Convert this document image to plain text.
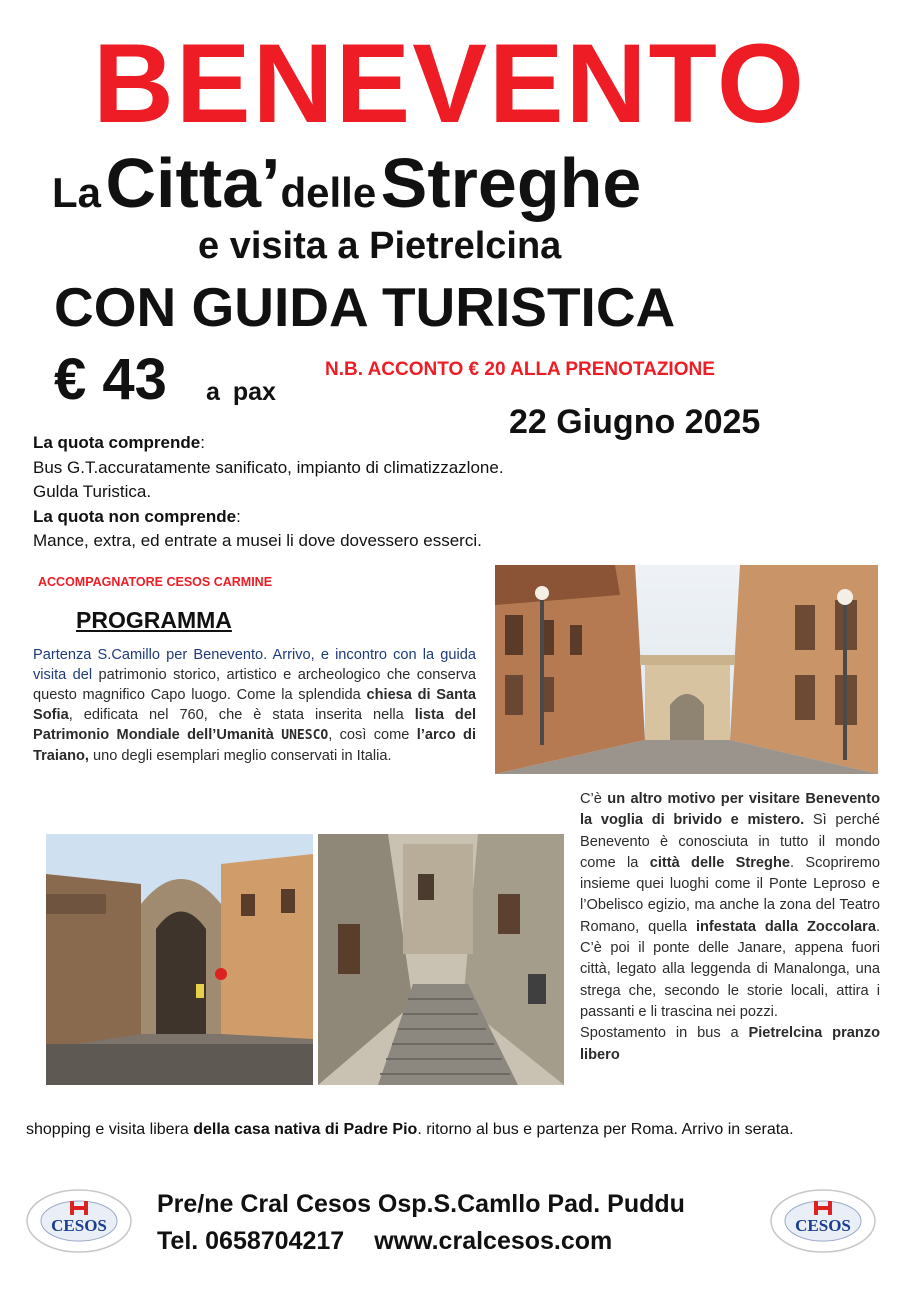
BENEVENTO
La Citta’delle Streghe
e visita a Pietrelcina
CON GUIDA TURISTICA
€ 43 a pax
N.B. ACCONTO € 20 ALLA PRENOTAZIONE
22 Giugno 2025
La quota comprende:
Bus G.T.accuratamente sanificato, impianto di climatizzazlone.
Gulda Turistica.
La quota non comprende:
Mance, extra, ed entrate a musei li dove dovessero esserci.
ACCOMPAGNATORE CESOS CARMINE
PROGRAMMA
Partenza S.Camillo per Benevento. Arrivo, e incontro con la guida visita del patrimonio storico, artistico e archeologico che conserva questo magnifico Capo luogo. Come la splendida chiesa di Santa Sofia, edificata nel 760, che è stata inserita nella lista del Patrimonio Mondiale dell’Umanità UNESCO, così come l’arco di Traiano, uno degli esemplari meglio conservati in Italia.
C’è un altro motivo per visitare Benevento la voglia di brivido e mistero. Sì perché Benevento è conosciuta in tutto il mondo come la città delle Streghe. Scopriremo insieme quei luoghi come il Ponte Leproso e l’Obelisco egizio, ma anche la zona del Teatro Romano, quella infestata dalla Zoccolara. C’è poi il ponte delle Janare, appena fuori città, legato alla leggenda di Manalonga, una strega che, secondo le storie locali, attira i passanti e li trascina nei pozzi.
Spostamento in bus a Pietrelcina pranzo libero
shopping e visita libera della casa nativa di Padre Pio. ritorno al bus e partenza per Roma. Arrivo in serata.
CESOS	CESOS
Pre/ne Cral Cesos Osp.S.Camllo Pad. Puddu
Tel. 0658704217 www.cralcesos.com
